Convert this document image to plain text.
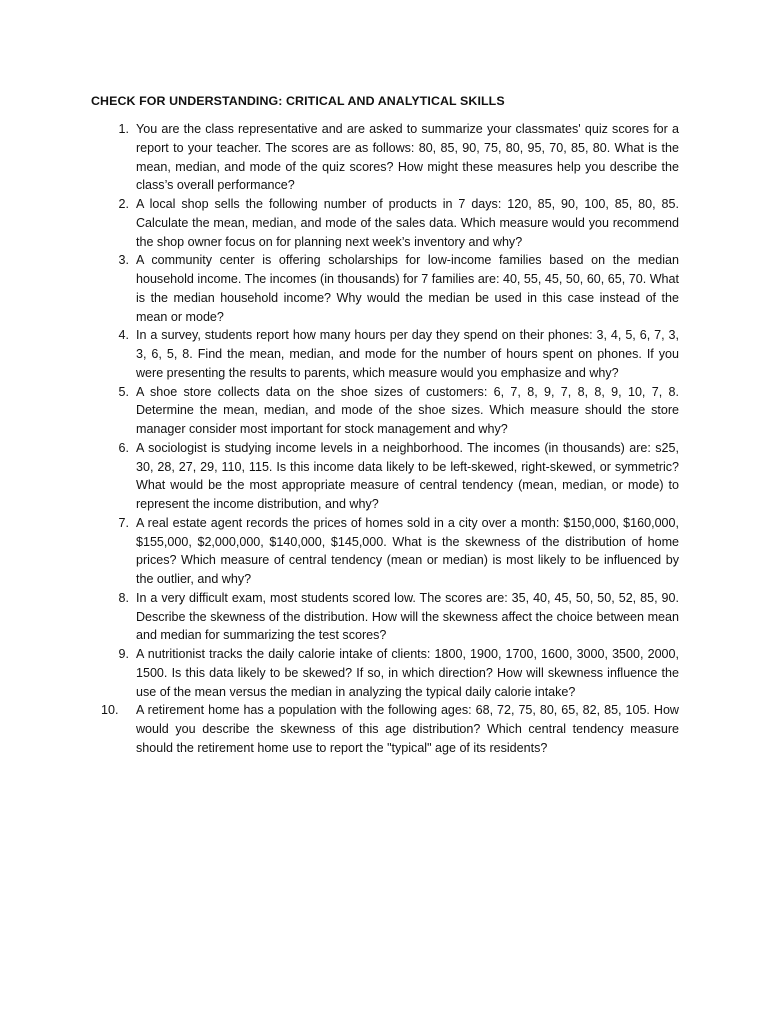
CHECK FOR UNDERSTANDING: CRITICAL AND ANALYTICAL SKILLS
1. You are the class representative and are asked to summarize your classmates' quiz scores for a report to your teacher. The scores are as follows: 80, 85, 90, 75, 80, 95, 70, 85, 80. What is the mean, median, and mode of the quiz scores? How might these measures help you describe the class’s overall performance?
2. A local shop sells the following number of products in 7 days: 120, 85, 90, 100, 85, 80, 85. Calculate the mean, median, and mode of the sales data. Which measure would you recommend the shop owner focus on for planning next week’s inventory and why?
3. A community center is offering scholarships for low-income families based on the median household income. The incomes (in thousands) for 7 families are: 40, 55, 45, 50, 60, 65, 70. What is the median household income? Why would the median be used in this case instead of the mean or mode?
4. In a survey, students report how many hours per day they spend on their phones: 3, 4, 5, 6, 7, 3, 3, 6, 5, 8. Find the mean, median, and mode for the number of hours spent on phones. If you were presenting the results to parents, which measure would you emphasize and why?
5. A shoe store collects data on the shoe sizes of customers: 6, 7, 8, 9, 7, 8, 8, 9, 10, 7, 8. Determine the mean, median, and mode of the shoe sizes. Which measure should the store manager consider most important for stock management and why?
6. A sociologist is studying income levels in a neighborhood. The incomes (in thousands) are: s25, 30, 28, 27, 29, 110, 115. Is this income data likely to be left-skewed, right-skewed, or symmetric? What would be the most appropriate measure of central tendency (mean, median, or mode) to represent the income distribution, and why?
7. A real estate agent records the prices of homes sold in a city over a month: $150,000, $160,000, $155,000, $2,000,000, $140,000, $145,000. What is the skewness of the distribution of home prices? Which measure of central tendency (mean or median) is most likely to be influenced by the outlier, and why?
8. In a very difficult exam, most students scored low. The scores are: 35, 40, 45, 50, 50, 52, 85, 90. Describe the skewness of the distribution. How will the skewness affect the choice between mean and median for summarizing the test scores?
9. A nutritionist tracks the daily calorie intake of clients: 1800, 1900, 1700, 1600, 3000, 3500, 2000, 1500. Is this data likely to be skewed? If so, in which direction? How will skewness influence the use of the mean versus the median in analyzing the typical daily calorie intake?
10.	A retirement home has a population with the following ages: 68, 72, 75, 80, 65, 82, 85, 105. How would you describe the skewness of this age distribution? Which central tendency measure should the retirement home use to report the "typical" age of its residents?
